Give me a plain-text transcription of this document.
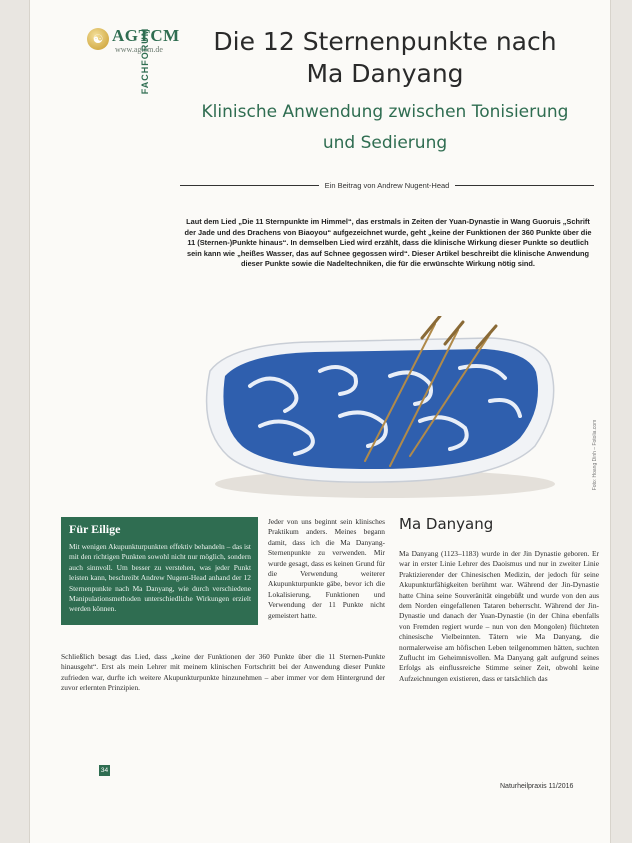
☯ AGTCM
www.agtcm.de
FACHFORUM	Die 12 Sternenpunkte nach
Ma Danyang
Klinische Anwendung zwischen Tonisierung
und Sedierung
Ein Beitrag von Andrew Nugent-Head

Laut dem Lied „Die 11 Sternpunkte im Himmel“, das erstmals in Zeiten der Yuan-Dynastie in Wang Guoruis „Schrift der Jade und des Drachens von Biaoyou“ aufgezeichnet wurde, geht „keine der Funktionen der 360 Punkte über die 11 (Sternen-)Punkte hinaus“. In demselben Lied wird erzählt, dass die klinische Wirkung dieser Punkte so deutlich sein kann wie „heißes Wasser, das auf Schnee gegossen wird“. Dieser Artikel beschreibt die klinische Anwendung dieser Punkte sowie die Nadeltechniken, die für die erwünschte Wirkung nötig sind.

Foto: Hoang Dinh – Fotolia.com
Für Eilige

Mit wenigen Akupunkturpunkten effektiv behandeln – das ist mit den richtigen Punkten sowohl nicht nur möglich, sondern auch sinnvoll. Um besser zu verstehen, was jeder Punkt leisten kann, beschreibt Andrew Nugent-Head anhand der 12 Sternenpunkte nach Ma Danyang, wie durch verschiedene Manipulationsmethoden unterschiedliche Wirkungen erzielt werden können.

Jeder von uns beginnt sein klinisches Praktikum anders. Meines begann damit, dass ich die Ma Danyang-Sternenpunkte zu verwenden. Mir wurde gesagt, dass es keinen Grund für die Verwendung weiterer Akupunkturpunkte gäbe, bevor ich die Lokalisierung, Funktionen und Verwendung der 11 Punkte nicht gemeistert hatte.

Schließlich besagt das Lied, dass „keine der Funktionen der 360 Punkte über die 11 Sternen-Punkte hinausgeht“. Erst als mein Lehrer mit meinem klinischen Fortschritt bei der Anwendung dieser Punkte zufrieden war, durfte ich weitere Akupunkturpunkte hinzunehmen – aber immer vor dem Hintergrund der zuvor erlernten Prinzipien.

Ma Danyang

Ma Danyang (1123–1183) wurde in der Jin Dynastie geboren. Er war in erster Linie Lehrer des Daoismus und nur in zweiter Linie Praktizierender der Chinesischen Medizin, der jedoch für seine Akupunkturfähigkeiten berühmt war. Während der Jin-Dynastie hatte China seine Souveränität eingebüßt und wurde von den aus dem Norden eingefallenen Tataren beherrscht. Während der Jin-Dynastie und danach der Yuan-Dynastie (in der China ebenfalls von Fremden regiert wurde – nun von den Mongolen) flüchteten chinesische Vielbeinnten. Tätern wie Ma Danyang, die normalerweise am höfischen Leben teilgenommen hätten, suchten Zuflucht im Geheimnisvollen. Ma Danyang galt aufgrund seines Erfolgs als einflussreiche Stimme seiner Zeit, obwohl keine Aufzeichnungen existieren, dass er tatsächlich das

34
Naturheilpraxis 11/2016
